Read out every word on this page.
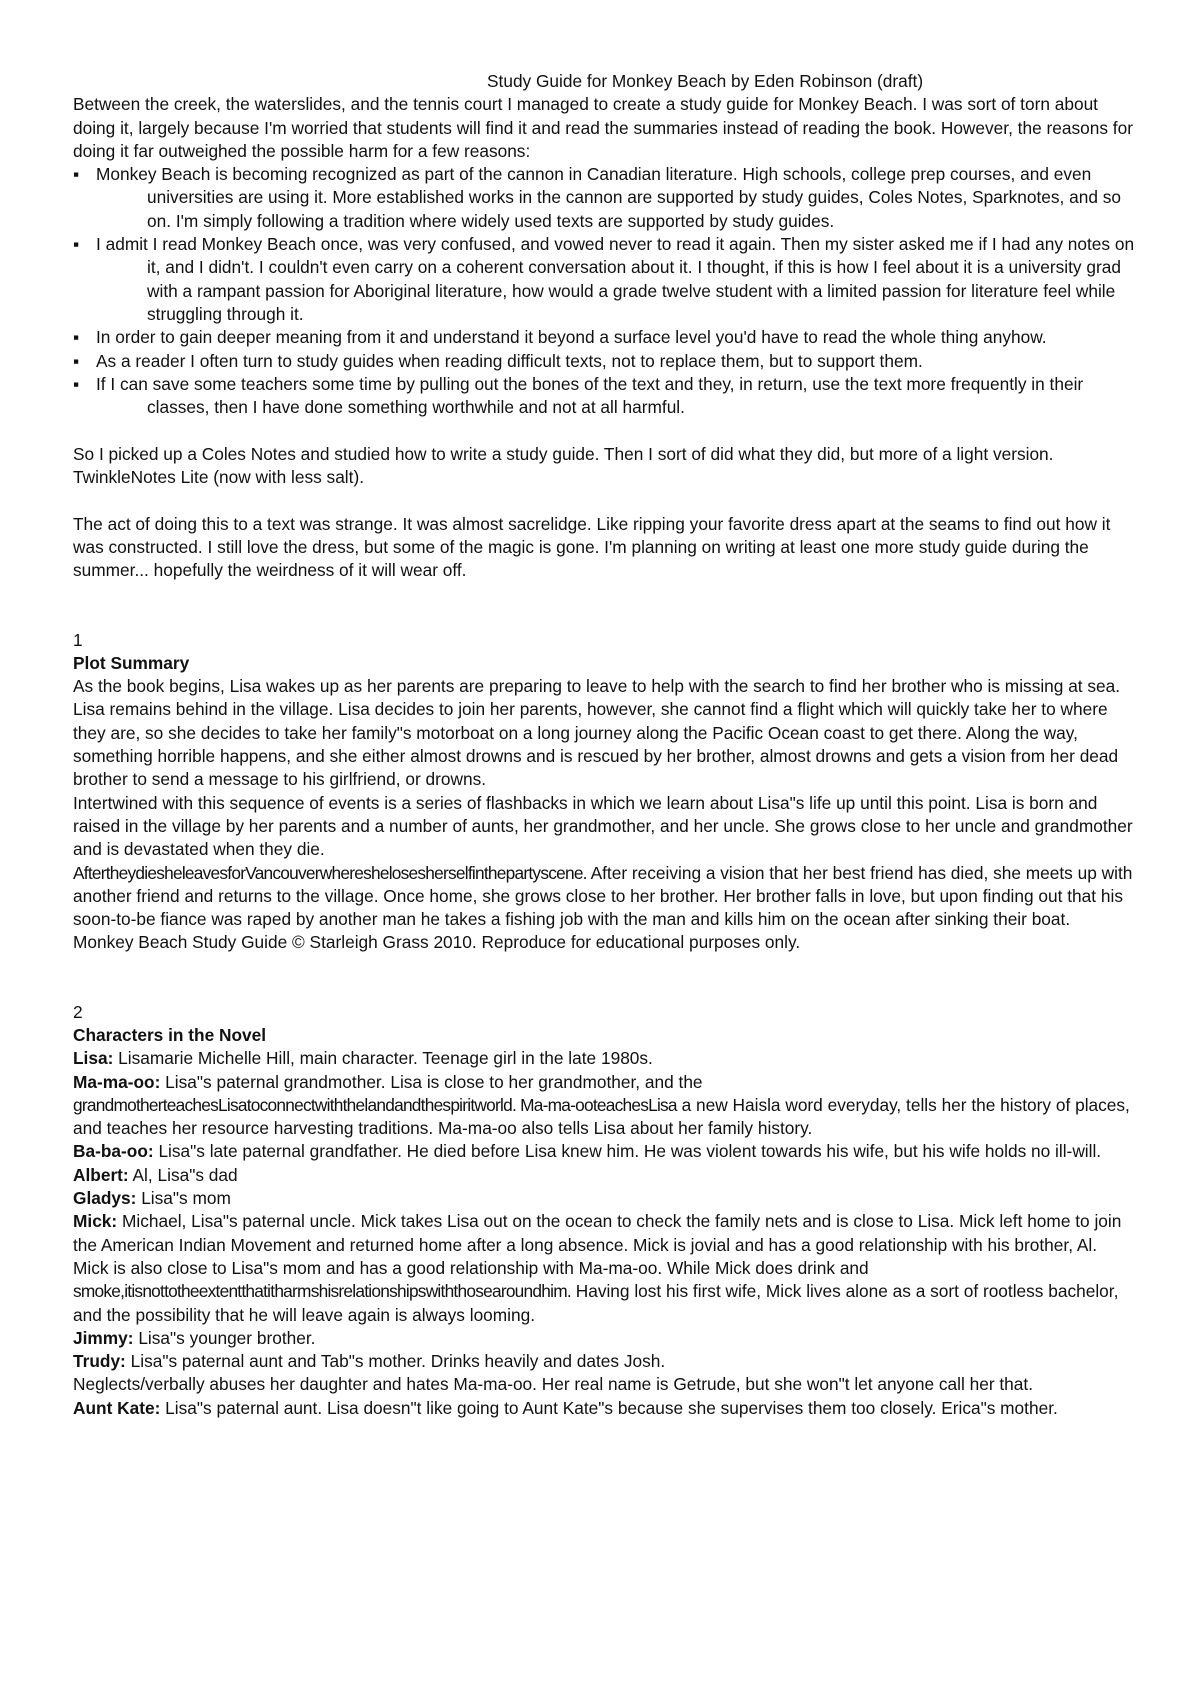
Study Guide for Monkey Beach by Eden Robinson (draft)

Between the creek, the waterslides, and the tennis court I managed to create a study guide for Monkey Beach. I was sort of torn about doing it, largely because I'm worried that students will find it and read the summaries instead of reading the book. However, the reasons for doing it far outweighed the possible harm for a few reasons:

▪ Monkey Beach is becoming recognized as part of the cannon in Canadian literature. High schools, college prep courses, and even universities are using it. More established works in the cannon are supported by study guides, Coles Notes, Sparknotes, and so on. I'm simply following a tradition where widely used texts are supported by study guides.
▪ I admit I read Monkey Beach once, was very confused, and vowed never to read it again. Then my sister asked me if I had any notes on it, and I didn't. I couldn't even carry on a coherent conversation about it. I thought, if this is how I feel about it is a university grad with a rampant passion for Aboriginal literature, how would a grade twelve student with a limited passion for literature feel while struggling through it.
▪ In order to gain deeper meaning from it and understand it beyond a surface level you'd have to read the whole thing anyhow.
▪ As a reader I often turn to study guides when reading difficult texts, not to replace them, but to support them.
▪ If I can save some teachers some time by pulling out the bones of the text and they, in return, use the text more frequently in their classes, then I have done something worthwhile and not at all harmful.

So I picked up a Coles Notes and studied how to write a study guide. Then I sort of did what they did, but more of a light version. TwinkleNotes Lite (now with less salt).

The act of doing this to a text was strange. It was almost sacrelidge. Like ripping your favorite dress apart at the seams to find out how it was constructed. I still love the dress, but some of the magic is gone. I'm planning on writing at least one more study guide during the summer... hopefully the weirdness of it will wear off.

1

Plot Summary

As the book begins, Lisa wakes up as her parents are preparing to leave to help with the search to find her brother who is missing at sea. Lisa remains behind in the village. Lisa decides to join her parents, however, she cannot find a flight which will quickly take her to where they are, so she decides to take her family"s motorboat on a long journey along the Pacific Ocean coast to get there. Along the way, something horrible happens, and she either almost drowns and is rescued by her brother, almost drowns and gets a vision from her dead brother to send a message to his girlfriend, or drowns.

Intertwined with this sequence of events is a series of flashbacks in which we learn about Lisa"s life up until this point. Lisa is born and raised in the village by her parents and a number of aunts, her grandmother, and her uncle. She grows close to her uncle and grandmother and is devastated when they die.

AftertheydiesheleavesforVancouverwhereshelosesherselfinthepartyscene. After receiving a vision that her best friend has died, she meets up with another friend and returns to the village. Once home, she grows close to her brother. Her brother falls in love, but upon finding out that his soon-to-be fiance was raped by another man he takes a fishing job with the man and kills him on the ocean after sinking their boat.

Monkey Beach Study Guide © Starleigh Grass 2010. Reproduce for educational purposes only.

2

Characters in the Novel

Lisa: Lisamarie Michelle Hill, main character. Teenage girl in the late 1980s.

Ma-ma-oo: Lisa"s paternal grandmother. Lisa is close to her grandmother, and the
grandmotherteachesLisatoconnectwiththelandandthespiritworld. Ma-ma-ooteachesLisa a new Haisla word everyday, tells her the history of places, and teaches her resource harvesting traditions. Ma-ma-oo also tells Lisa about her family history.

Ba-ba-oo: Lisa"s late paternal grandfather. He died before Lisa knew him. He was violent towards his wife, but his wife holds no ill-will.

Albert: Al, Lisa"s dad

Gladys: Lisa"s mom

Mick: Michael, Lisa"s paternal uncle. Mick takes Lisa out on the ocean to check the family nets and is close to Lisa. Mick left home to join the American Indian Movement and returned home after a long absence. Mick is jovial and has a good relationship with his brother, Al. Mick is also close to Lisa"s mom and has a good relationship with Ma-ma-oo. While Mick does drink and smoke,itisnottotheextentthatitharmshisrelationshipswiththosearoundhim. Having lost his first wife, Mick lives alone as a sort of rootless bachelor, and the possibility that he will leave again is always looming.

Jimmy: Lisa"s younger brother.

Trudy: Lisa"s paternal aunt and Tab"s mother. Drinks heavily and dates Josh.

Neglects/verbally abuses her daughter and hates Ma-ma-oo. Her real name is Getrude, but she won"t let anyone call her that.

Aunt Kate: Lisa"s paternal aunt. Lisa doesn"t like going to Aunt Kate"s because she supervises them too closely. Erica"s mother.
